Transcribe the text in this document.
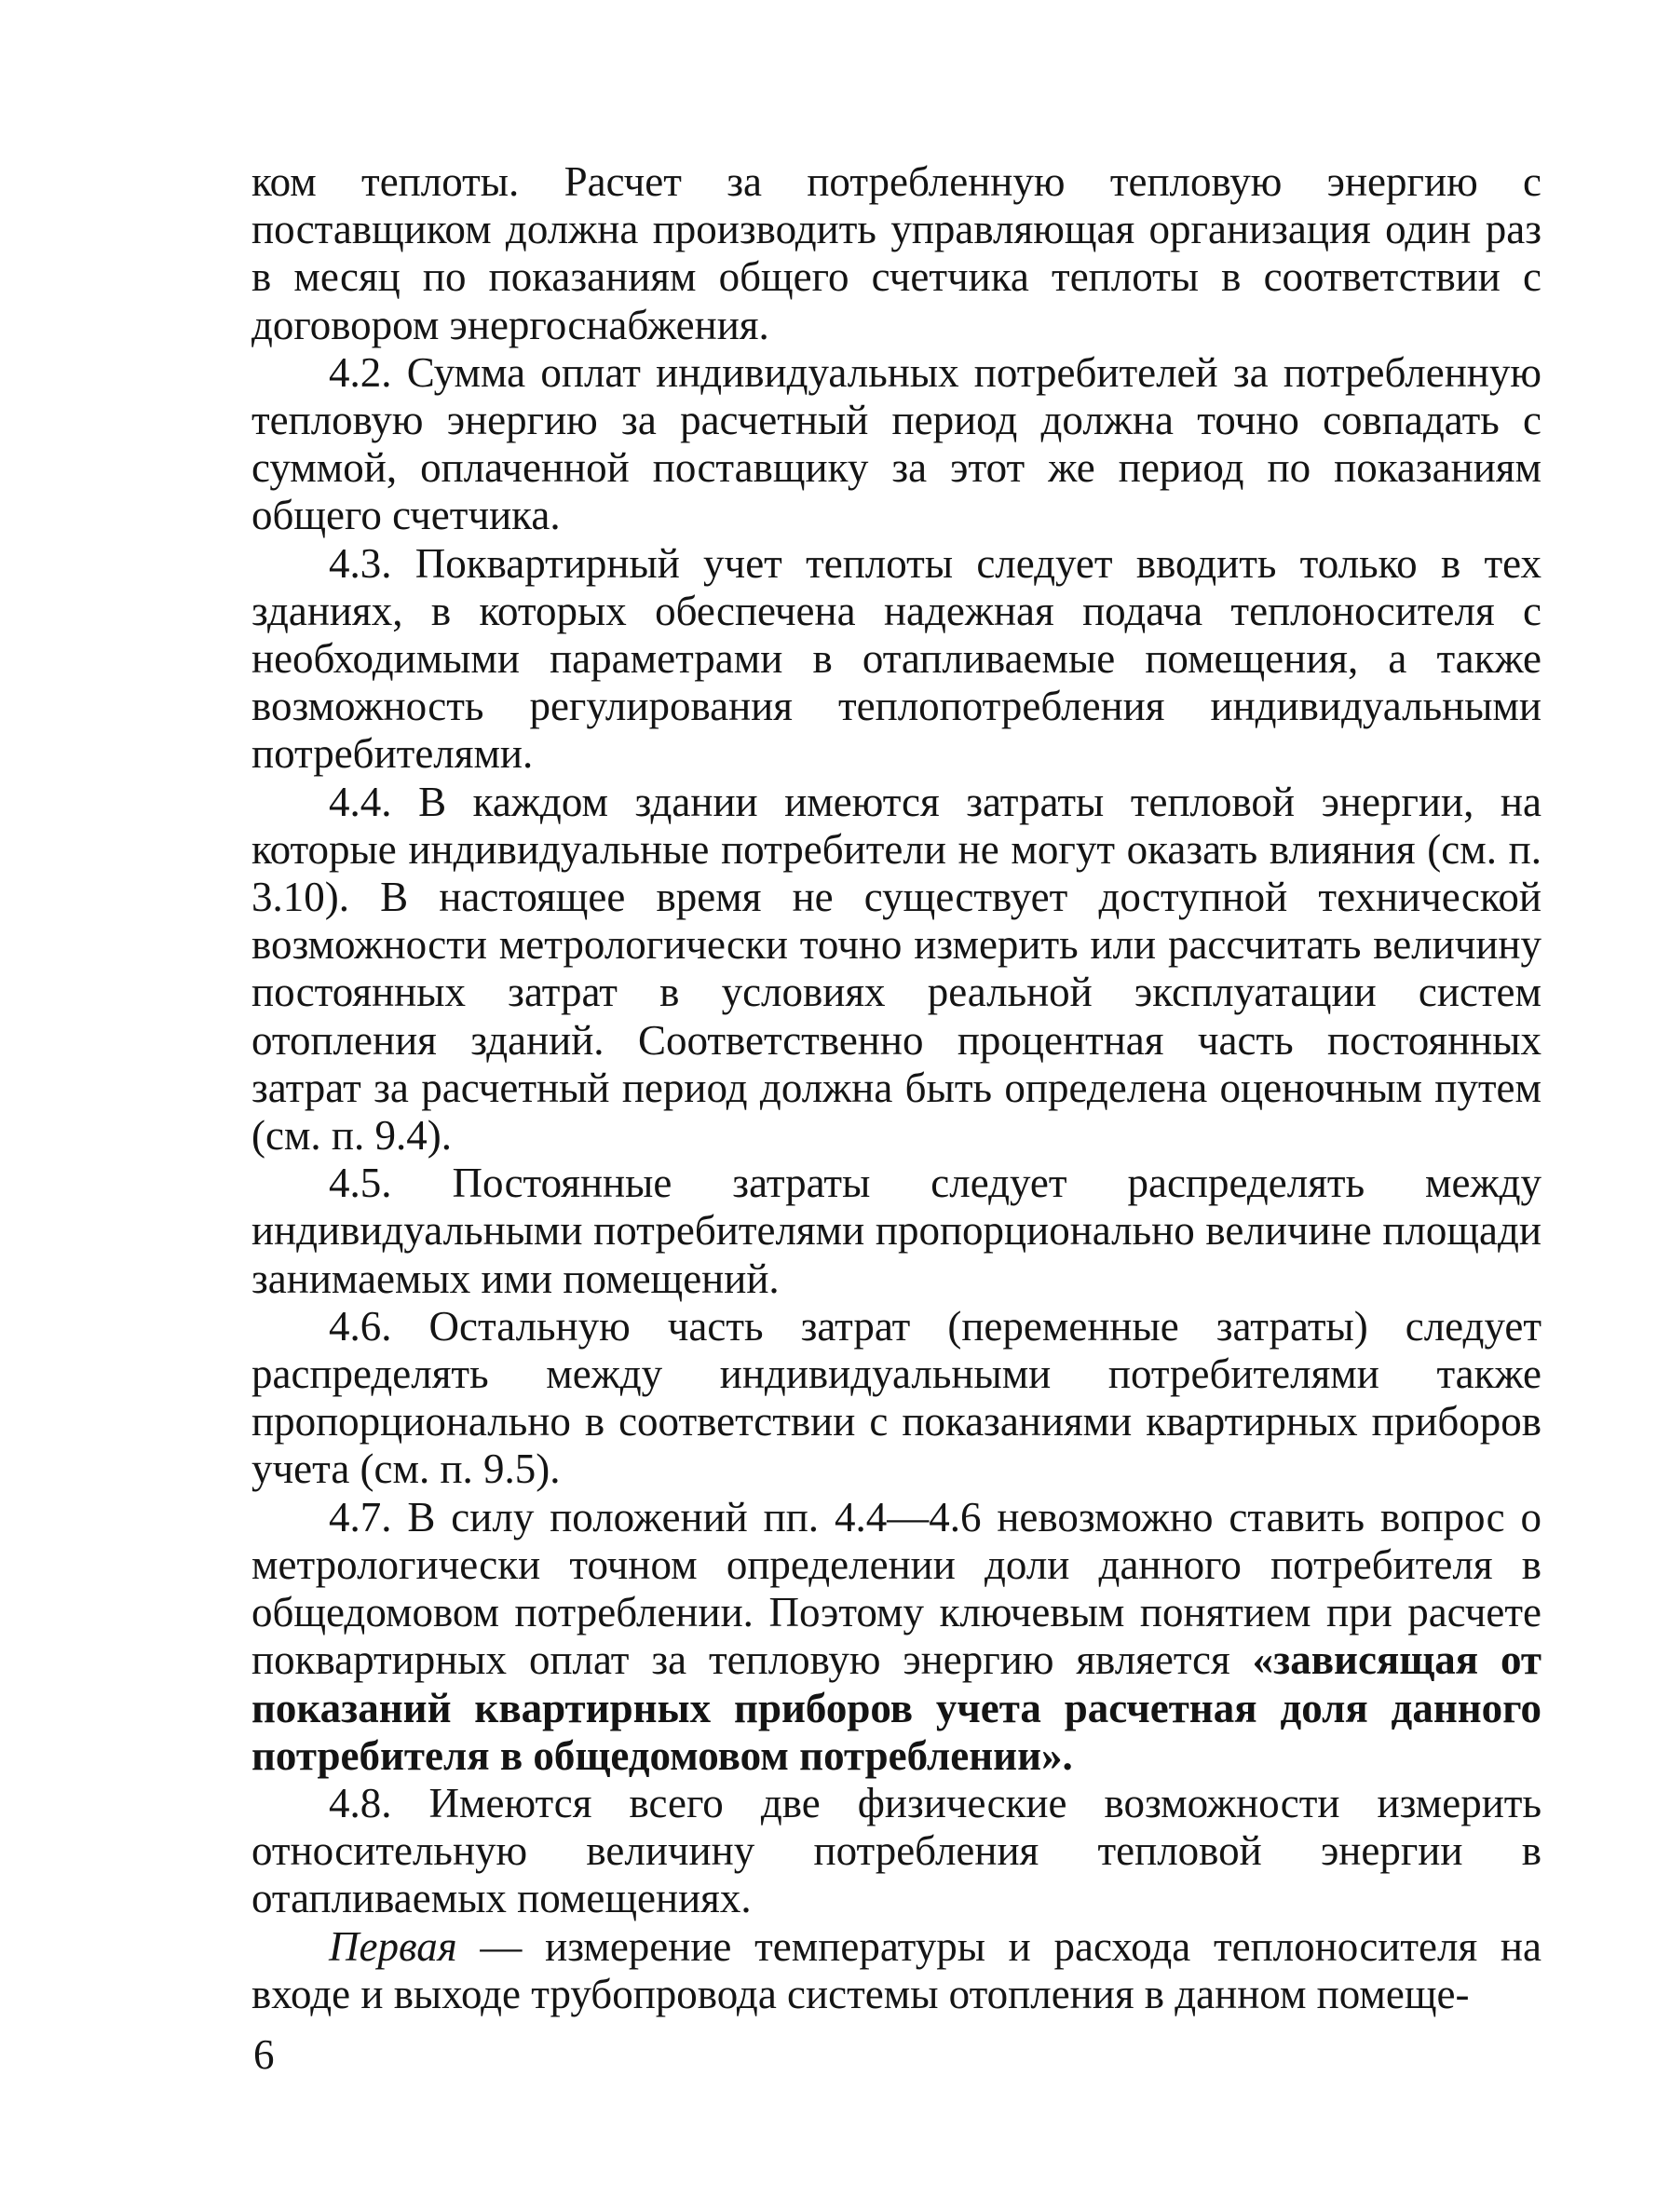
ком теплоты. Расчет за потребленную тепловую энергию с поставщиком должна производить управляющая организация один раз в месяц по показаниям общего счетчика теплоты в соответствии с договором энергоснабжения.

4.2. Сумма оплат индивидуальных потребителей за потребленную тепловую энергию за расчетный период должна точно совпадать с суммой, оплаченной поставщику за этот же период по показаниям общего счетчика.

4.3. Поквартирный учет теплоты следует вводить только в тех зданиях, в которых обеспечена надежная подача теплоносителя с необходимыми параметрами в отапливаемые помещения, а также возможность регулирования теплопотребления индивидуальными потребителями.

4.4. В каждом здании имеются затраты тепловой энергии, на которые индивидуальные потребители не могут оказать влияния (см. п. 3.10). В настоящее время не существует доступной технической возможности метрологически точно измерить или рассчитать величину постоянных затрат в условиях реальной эксплуатации систем отопления зданий. Соответственно процентная часть постоянных затрат за расчетный период должна быть определена оценочным путем (см. п. 9.4).

4.5. Постоянные затраты следует распределять между индивидуальными потребителями пропорционально величине площади занимаемых ими помещений.

4.6. Остальную часть затрат (переменные затраты) следует распределять между индивидуальными потребителями также пропорционально в соответствии с показаниями квартирных приборов учета (см. п. 9.5).

4.7. В силу положений пп. 4.4—4.6 невозможно ставить вопрос о метрологически точном определении доли данного потребителя в общедомовом потреблении. Поэтому ключевым понятием при расчете поквартирных оплат за тепловую энергию является «зависящая от показаний квартирных приборов учета расчетная доля данного потребителя в общедомовом потреблении».

4.8. Имеются всего две физические возможности измерить относительную величину потребления тепловой энергии в отапливаемых помещениях.

Первая — измерение температуры и расхода теплоносителя на входе и выходе трубопровода системы отопления в данном помеще-

6
